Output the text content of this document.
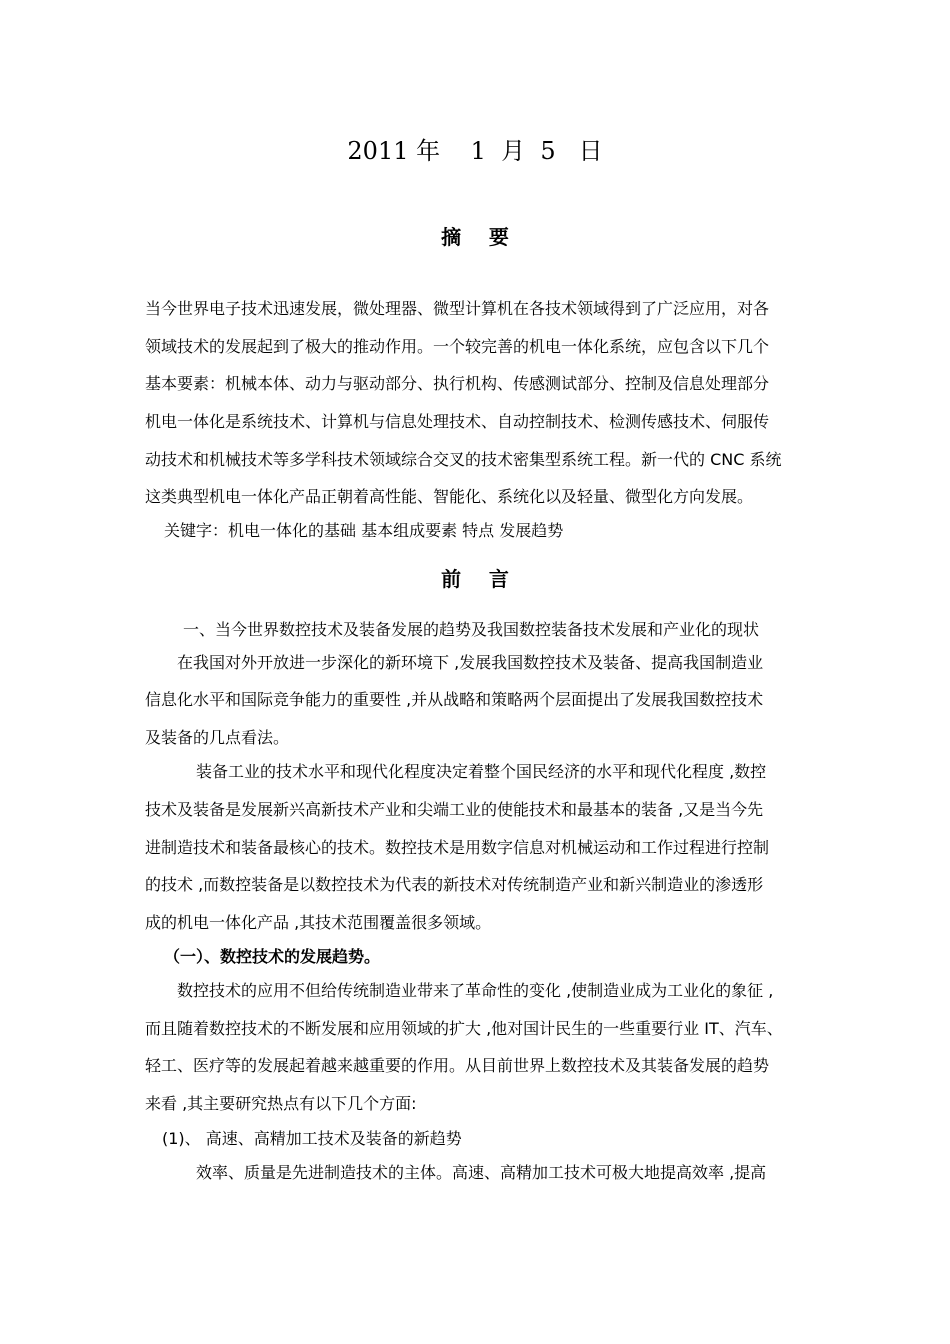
2011 年    1  月  5   日
摘    要
当今世界电子技术迅速发展，微处理器、微型计算机在各技术领域得到了广泛应用，对各
领域技术的发展起到了极大的推动作用。一个较完善的机电一体化系统，应包含以下几个
基本要素：机械本体、动力与驱动部分、执行机构、传感测试部分、控制及信息处理部分
机电一体化是系统技术、计算机与信息处理技术、自动控制技术、检测传感技术、伺服传
动技术和机械技术等多学科技术领域综合交叉的技术密集型系统工程。新一代的 CNC 系统
这类典型机电一体化产品正朝着高性能、智能化、系统化以及轻量、微型化方向发展。
关键字：机电一体化的基础 基本组成要素 特点 发展趋势
前    言
一、当今世界数控技术及装备发展的趋势及我国数控装备技术发展和产业化的现状
在我国对外开放进一步深化的新环境下 ,发展我国数控技术及装备、提高我国制造业
信息化水平和国际竞争能力的重要性 ,并从战略和策略两个层面提出了发展我国数控技术
及装备的几点看法。
装备工业的技术水平和现代化程度决定着整个国民经济的水平和现代化程度 ,数控
技术及装备是发展新兴高新技术产业和尖端工业的使能技术和最基本的装备 ,又是当今先
进制造技术和装备最核心的技术。数控技术是用数字信息对机械运动和工作过程进行控制
的技术 ,而数控装备是以数控技术为代表的新技术对传统制造产业和新兴制造业的渗透形
成的机电一体化产品 ,其技术范围覆盖很多领域。
（一）、数控技术的发展趋势。
数控技术的应用不但给传统制造业带来了革命性的变化 ,使制造业成为工业化的象征 ,
而且随着数控技术的不断发展和应用领域的扩大 ,他对国计民生的一些重要行业 IT、汽车、
轻工、医疗等的发展起着越来越重要的作用。从目前世界上数控技术及其装备发展的趋势
来看 ,其主要研究热点有以下几个方面:
(1)、 高速、高精加工技术及装备的新趋势
效率、质量是先进制造技术的主体。高速、高精加工技术可极大地提高效率 ,提高
